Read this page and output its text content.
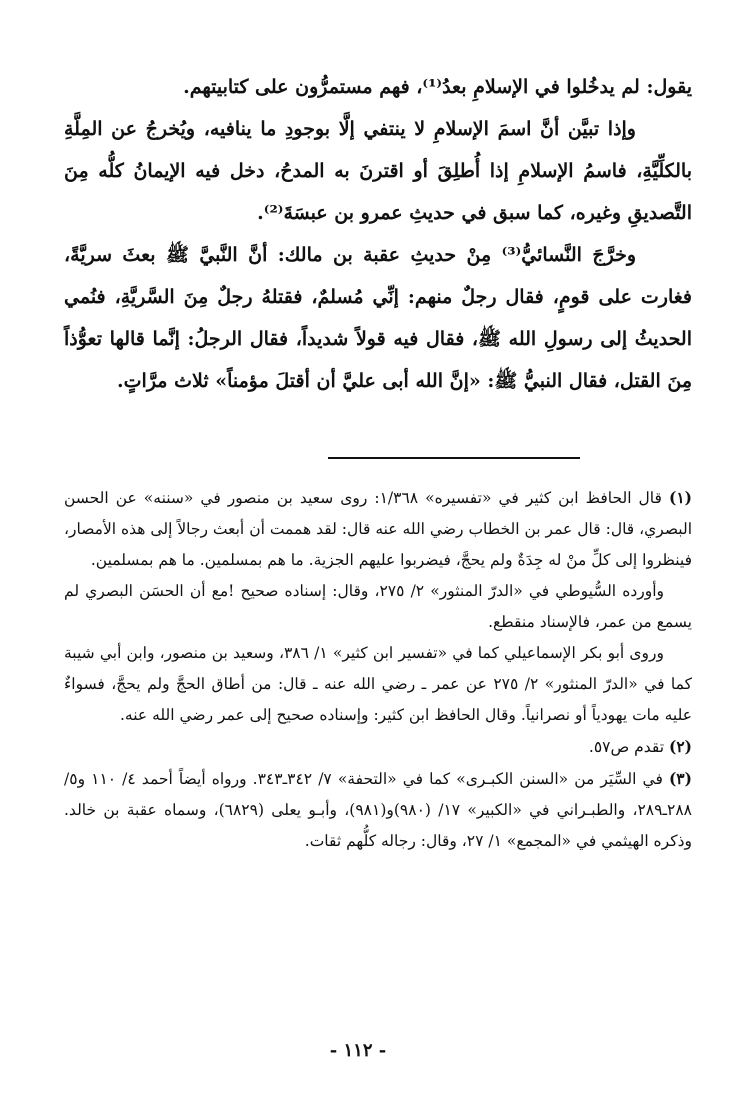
يقول: لم يدخُلوا في الإسلامِ بعدُ⁽¹⁾، فهم مستمرُّون على كتابيتهم.

وإذا تبيَّن أنَّ اسمَ الإسلامِ لا ينتفي إلَّا بوجودِ ما ينافيه، ويُخرجُ عن المِلَّةِ بالكلِّيَّةِ، فاسمُ الإسلامِ إذا أُطلِقَ أو اقترنَ به المدحُ، دخل فيه الإيمانُ كلُّه مِنَ التَّصديقِ وغيره، كما سبق في حديثِ عمرو بن عبسَةَ⁽²⁾.

وخرَّجَ النَّسائيُّ⁽³⁾ مِنْ حديثِ عقبة بن مالك: أنَّ النَّبيَّ ﷺ بعثَ سريَّةً، فغارت على قومٍ، فقال رجلٌ منهم: إنِّي مُسلمٌ، فقتلهُ رجلٌ مِنَ السَّريَّةِ، فنُمي الحديثُ إلى رسولِ الله ﷺ، فقال فيه قولاً شديداً، فقال الرجلُ: إنَّما قالها تعوُّذاً مِنَ القتل، فقال النبيُّ ﷺ: «إنَّ الله أبى عليَّ أن أقتلَ مؤمناً» ثلاث مرَّاتٍ.

(١) قال الحافظ ابن كثير في «تفسيره» ١/٣٦٨: روى سعيد بن منصور في «سننه» عن الحسن البصري، قال: قال عمر بن الخطاب رضي الله عنه قال: لقد هممت أن أبعث رجالاً إلى هذه الأمصار، فينظروا إلى كلِّ منْ له جِدَةٌ ولم يحجَّ، فيضربوا عليهم الجزية. ما هم بمسلمين. ما هم بمسلمين.

وأورده السُّيوطي في «الدرّ المنثور» ٢/ ٢٧٥، وقال: إسناده صحيح !مع أن الحسَن البصري لم يسمع من عمر، فالإسناد منقطع.

وروى أبو بكر الإسماعيلي كما في «تفسير ابن كثير» ١/ ٣٨٦، وسعيد بن منصور، وابن أبي شيبة كما في «الدرّ المنثور» ٢/ ٢٧٥ عن عمر ـ رضي الله عنه ـ قال: من أطاق الحجَّ ولم يحجَّ، فسواءٌ عليه مات يهودياً أو نصرانياً. وقال الحافظ ابن كثير: وإسناده صحيح إلى عمر رضي الله عنه.

(٢) تقدم ص٥٧.

(٣) في السِّيَر من «السنن الكبـرى» كما في «التحفة» ٧/ ٣٤٢ـ٣٤٣. ورواه أيضاً أحمد ٤/ ١١٠ و٥/ ٢٨٨ـ٢٨٩، والطبـراني في «الكبير» ١٧/ (٩٨٠)و(٩٨١)، وأبـو يعلى (٦٨٢٩)، وسماه عقبة بن خالد. وذكره الهيثمي في «المجمع» ١/ ٢٧، وقال: رجاله كلُّهم ثقات.

- ١١٢ -
